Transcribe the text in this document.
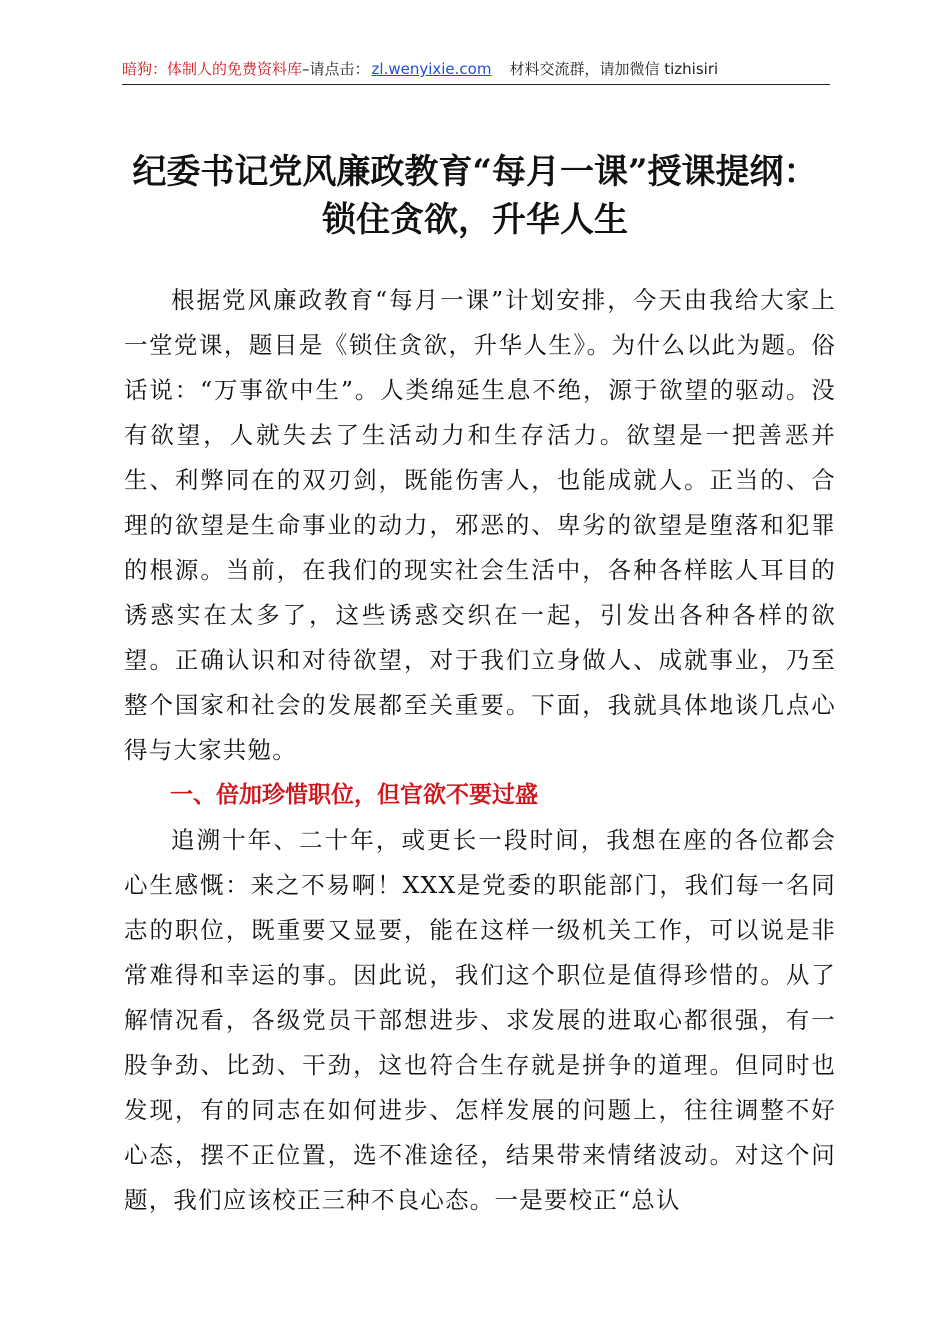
暗狗：体制人的免费资料库–请点击： zl.wenyixie.com 材料交流群，请加微信 tizhisiri
纪委书记党风廉政教育“每月一课”授课提纲：
锁住贪欲，升华人生

根据党风廉政教育“每月一课”计划安排，今天由我给大家上一堂党课，题目是《锁住贪欲，升华人生》。为什么以此为题。俗话说：“万事欲中生”。人类绵延生息不绝，源于欲望的驱动。没有欲望，人就失去了生活动力和生存活力。欲望是一把善恶并生、利弊同在的双刃剑，既能伤害人，也能成就人。正当的、合理的欲望是生命事业的动力，邪恶的、卑劣的欲望是堕落和犯罪的根源。当前，在我们的现实社会生活中，各种各样眩人耳目的诱惑实在太多了，这些诱惑交织在一起，引发出各种各样的欲望。正确认识和对待欲望，对于我们立身做人、成就事业，乃至整个国家和社会的发展都至关重要。下面，我就具体地谈几点心得与大家共勉。

一、倍加珍惜职位，但官欲不要过盛

追溯十年、二十年，或更长一段时间，我想在座的各位都会心生感慨：来之不易啊！XXX是党委的职能部门，我们每一名同志的职位，既重要又显要，能在这样一级机关工作，可以说是非常难得和幸运的事。因此说，我们这个职位是值得珍惜的。从了解情况看，各级党员干部想进步、求发展的进取心都很强，有一股争劲、比劲、干劲，这也符合生存就是拼争的道理。但同时也发现，有的同志在如何进步、怎样发展的问题上，往往调整不好心态，摆不正位置，选不准途径，结果带来情绪波动。对这个问题，我们应该校正三种不良心态。一是要校正“总认
